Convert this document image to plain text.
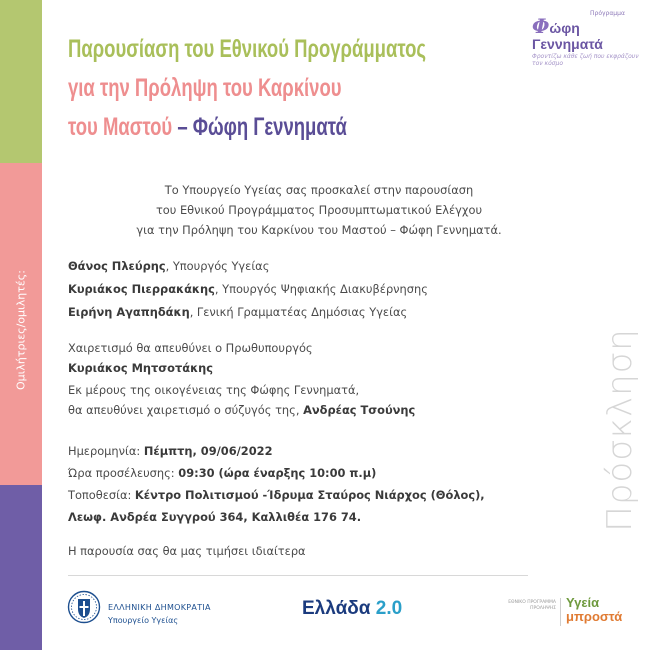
Ομιλήτριες/ομιλητές:
Παρουσίαση του Εθνικού Προγράμματος
για την Πρόληψη του Καρκίνου
του Μαστού – Φώφη Γεννηματά
Πρόγραμμα
Φώφη Γεννηματά
Φροντίζω κάθε ζωή που εκφράζουν τον κόσμο
Το Υπουργείο Υγείας σας προσκαλεί στην παρουσίαση
του Εθνικού Προγράμματος Προσυμπτωματικού Ελέγχου
για την Πρόληψη του Καρκίνου του Μαστού – Φώφη Γεννηματά.
Θάνος Πλεύρης, Υπουργός Υγείας
Κυριάκος Πιερρακάκης, Υπουργός Ψηφιακής Διακυβέρνησης
Ειρήνη Αγαπηδάκη, Γενική Γραμματέας Δημόσιας Υγείας
Χαιρετισμό θα απευθύνει ο Πρωθυπουργός
Κυριάκος Μητσοτάκης
Εκ μέρους της οικογένειας της Φώφης Γεννηματά,
θα απευθύνει χαιρετισμό ο σύζυγός της, Ανδρέας Τσούνης
Ημερομηνία: Πέμπτη, 09/06/2022
Ώρα προσέλευσης: 09:30 (ώρα έναρξης 10:00 π.μ)
Τοποθεσία: Κέντρο Πολιτισμού -Ίδρυμα Σταύρος Νιάρχος (Θόλος),
Λεωφ. Ανδρέα Συγγρού 364, Καλλιθέα 176 74.
Η παρουσία σας θα μας τιμήσει ιδιαίτερα
Πρόσκληση
ΕΛΛΗΝΙΚΗ ΔΗΜΟΚΡΑΤΙΑ
Υπουργείο Υγείας
Ελλάδα 2.0	ΕΘΝΙΚΟ ΠΡΟΓΡΑΜΜΑ ΠΡΟΛΗΨΗΣ Υγεία
μπροστά
